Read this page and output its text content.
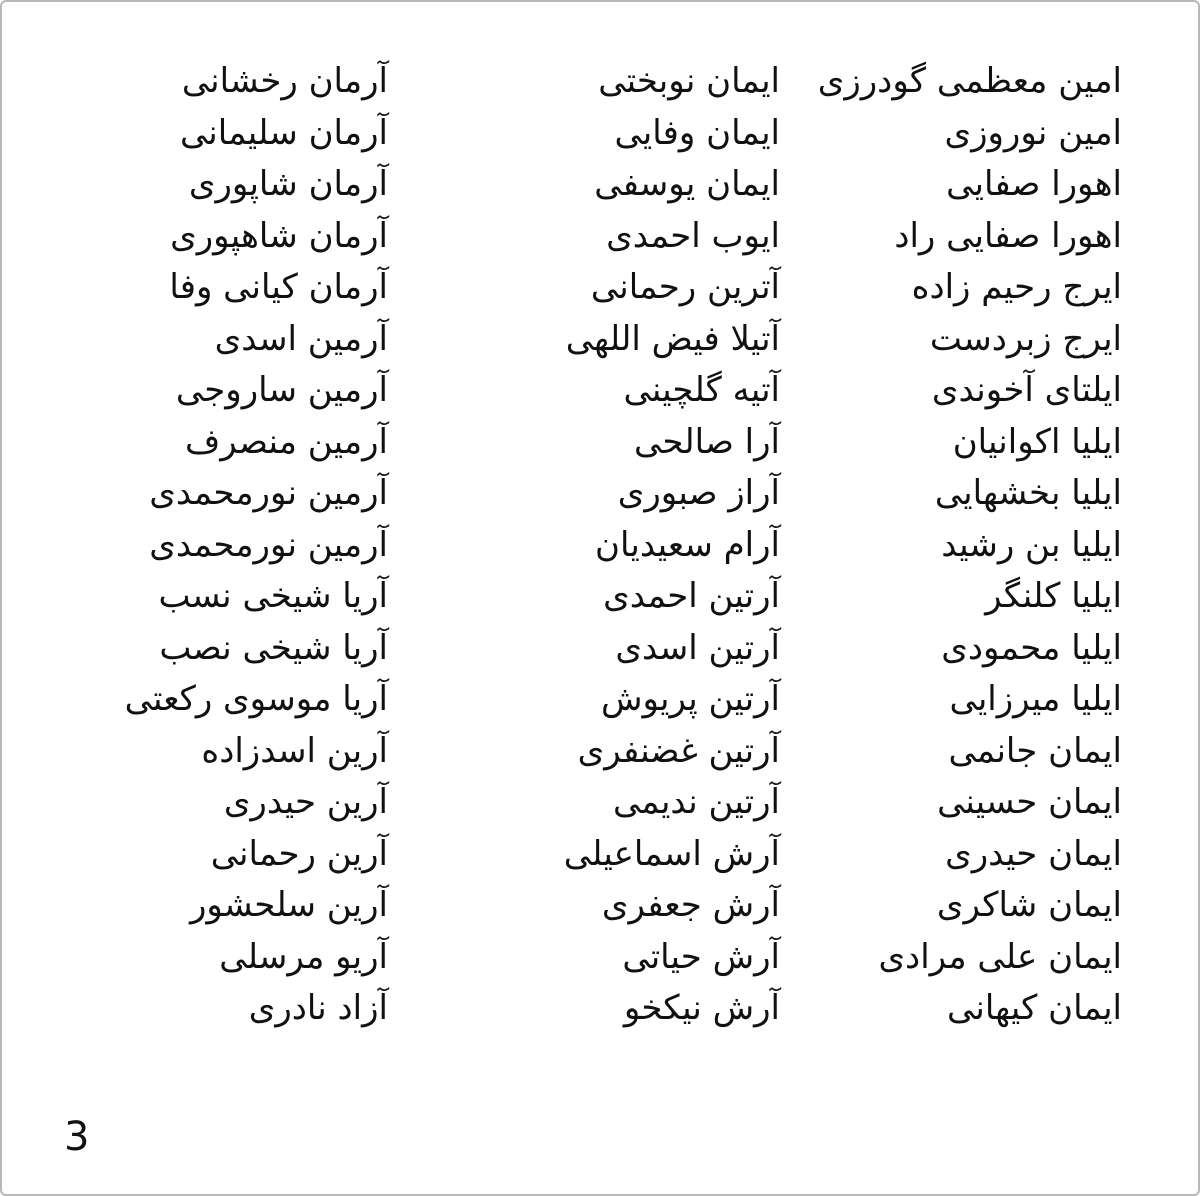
امین معظمی گودرزی
امین نوروزی
اهورا صفایی
اهورا صفایی راد
ایرج رحیم زاده
ایرج زبردست
ایلتای آخوندی
ایلیا اکوانیان
ایلیا بخشهایی
ایلیا بن رشید
ایلیا کلنگر
ایلیا محمودی
ایلیا میرزایی
ایمان جانمی
ایمان حسینی
ایمان حیدری
ایمان شاکری
ایمان علی مرادی
ایمان کیهانی
ایمان نوبختی
ایمان وفایی
ایمان یوسفی
ایوب احمدی
آترین رحمانی
آتیلا فیض اللهی
آتیه گلچینی
آرا صالحی
آراز صبوری
آرام سعیدیان
آرتین احمدی
آرتین اسدی
آرتین پریوش
آرتین غضنفری
آرتین ندیمی
آرش اسماعیلی
آرش جعفری
آرش حیاتی
آرش نیکخو
آرمان رخشانی
آرمان سلیمانی
آرمان شاپوری
آرمان شاهپوری
آرمان کیانی وفا
آرمین اسدی
آرمین ساروجی
آرمین منصرف
آرمین نورمحمدی
آرمین نورمحمدی
آریا شیخی نسب
آریا شیخی نصب
آریا موسوی رکعتی
آرین اسدزاده
آرین حیدری
آرین رحمانی
آرین سلحشور
آریو مرسلی
آزاد نادری
3
